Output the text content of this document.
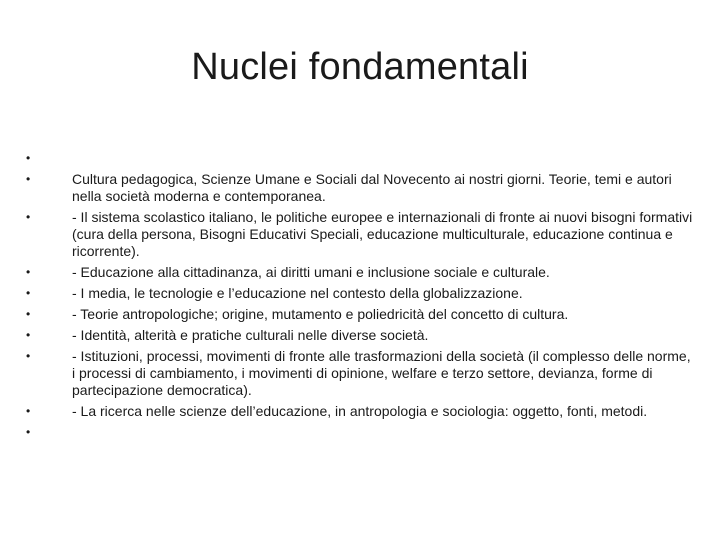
Nuclei fondamentali
•
•	Cultura pedagogica, Scienze Umane e Sociali dal Novecento ai nostri giorni. Teorie, temi e autori nella società moderna e contemporanea.
•	- Il sistema scolastico italiano, le politiche europee e internazionali di fronte ai nuovi bisogni formativi (cura della persona, Bisogni Educativi Speciali, educazione multiculturale, educazione continua e ricorrente).
•	- Educazione alla cittadinanza, ai diritti umani e inclusione sociale e culturale.
•	- I media, le tecnologie e l’educazione nel contesto della globalizzazione.
•	- Teorie antropologiche; origine, mutamento e poliedricità del concetto di cultura.
•	- Identità, alterità e pratiche culturali nelle diverse società.
•	- Istituzioni, processi, movimenti di fronte alle trasformazioni della società (il complesso delle norme, i processi di cambiamento, i movimenti di opinione, welfare e terzo settore, devianza, forme di partecipazione democratica).
•	- La ricerca nelle scienze dell’educazione, in antropologia e sociologia: oggetto, fonti, metodi.
•
